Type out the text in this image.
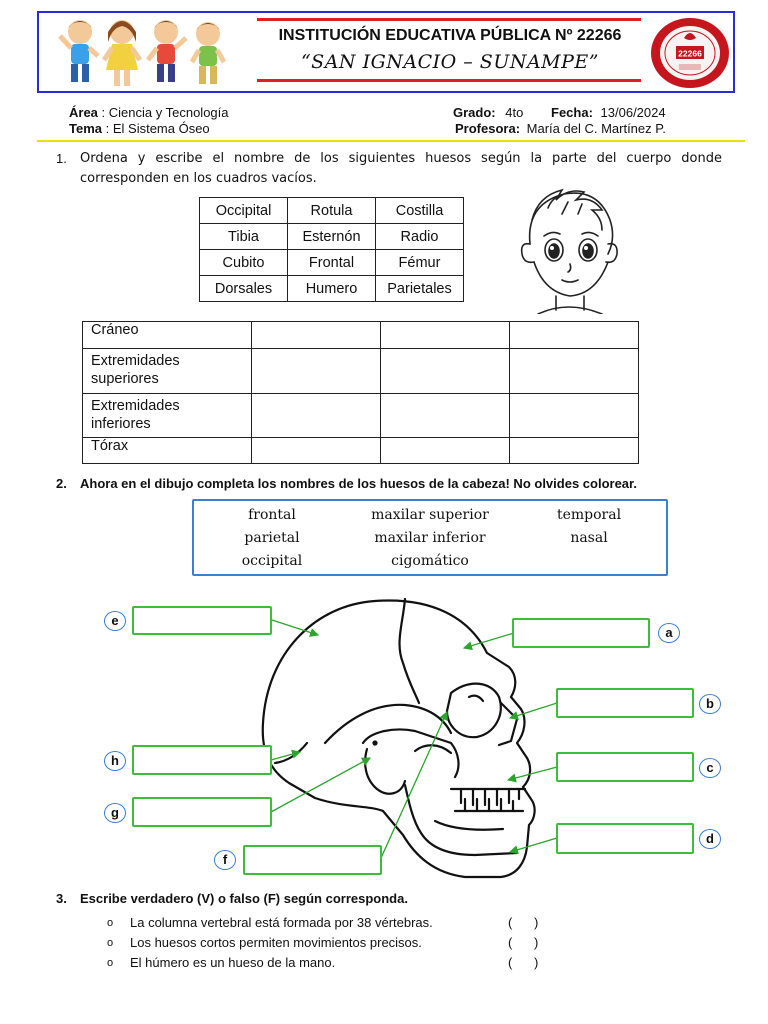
INSTITUCIÓN EDUCATIVA PÚBLICA Nº 22266
“SAN IGNACIO – SUNAMPE”	22266
Área : Ciencia y Tecnología	Grado: 4to Fecha: 13/06/2024
Tema : El Sistema Óseo	Profesora: María del C. Martínez P.
1. Ordena y escribe el nombre de los siguientes huesos según la parte del cuerpo donde corresponden en los cuadros vacíos.
Occipital	Rotula	Costilla
Tibia	Esternón	Radio
Cubito	Frontal	Fémur
Dorsales	Humero	Parietales
Cráneo			
Extremidades superiores			
Extremidades inferiores			
Tórax			
2. Ahora en el dibujo completa los nombres de los huesos de la cabeza! No olvides colorear.
frontal	maxilar superior	temporal
parietal	maxilar inferior	nasal
occipital	cigomático
e
a
b
c
h
g
d
f
3. Escribe verdadero (V) o falso (F) según corresponda.
o La columna vertebral está formada por 38 vértebras.	(      )
o Los huesos cortos permiten movimientos precisos.	(      )
o El húmero es un hueso de la mano.	(      )
